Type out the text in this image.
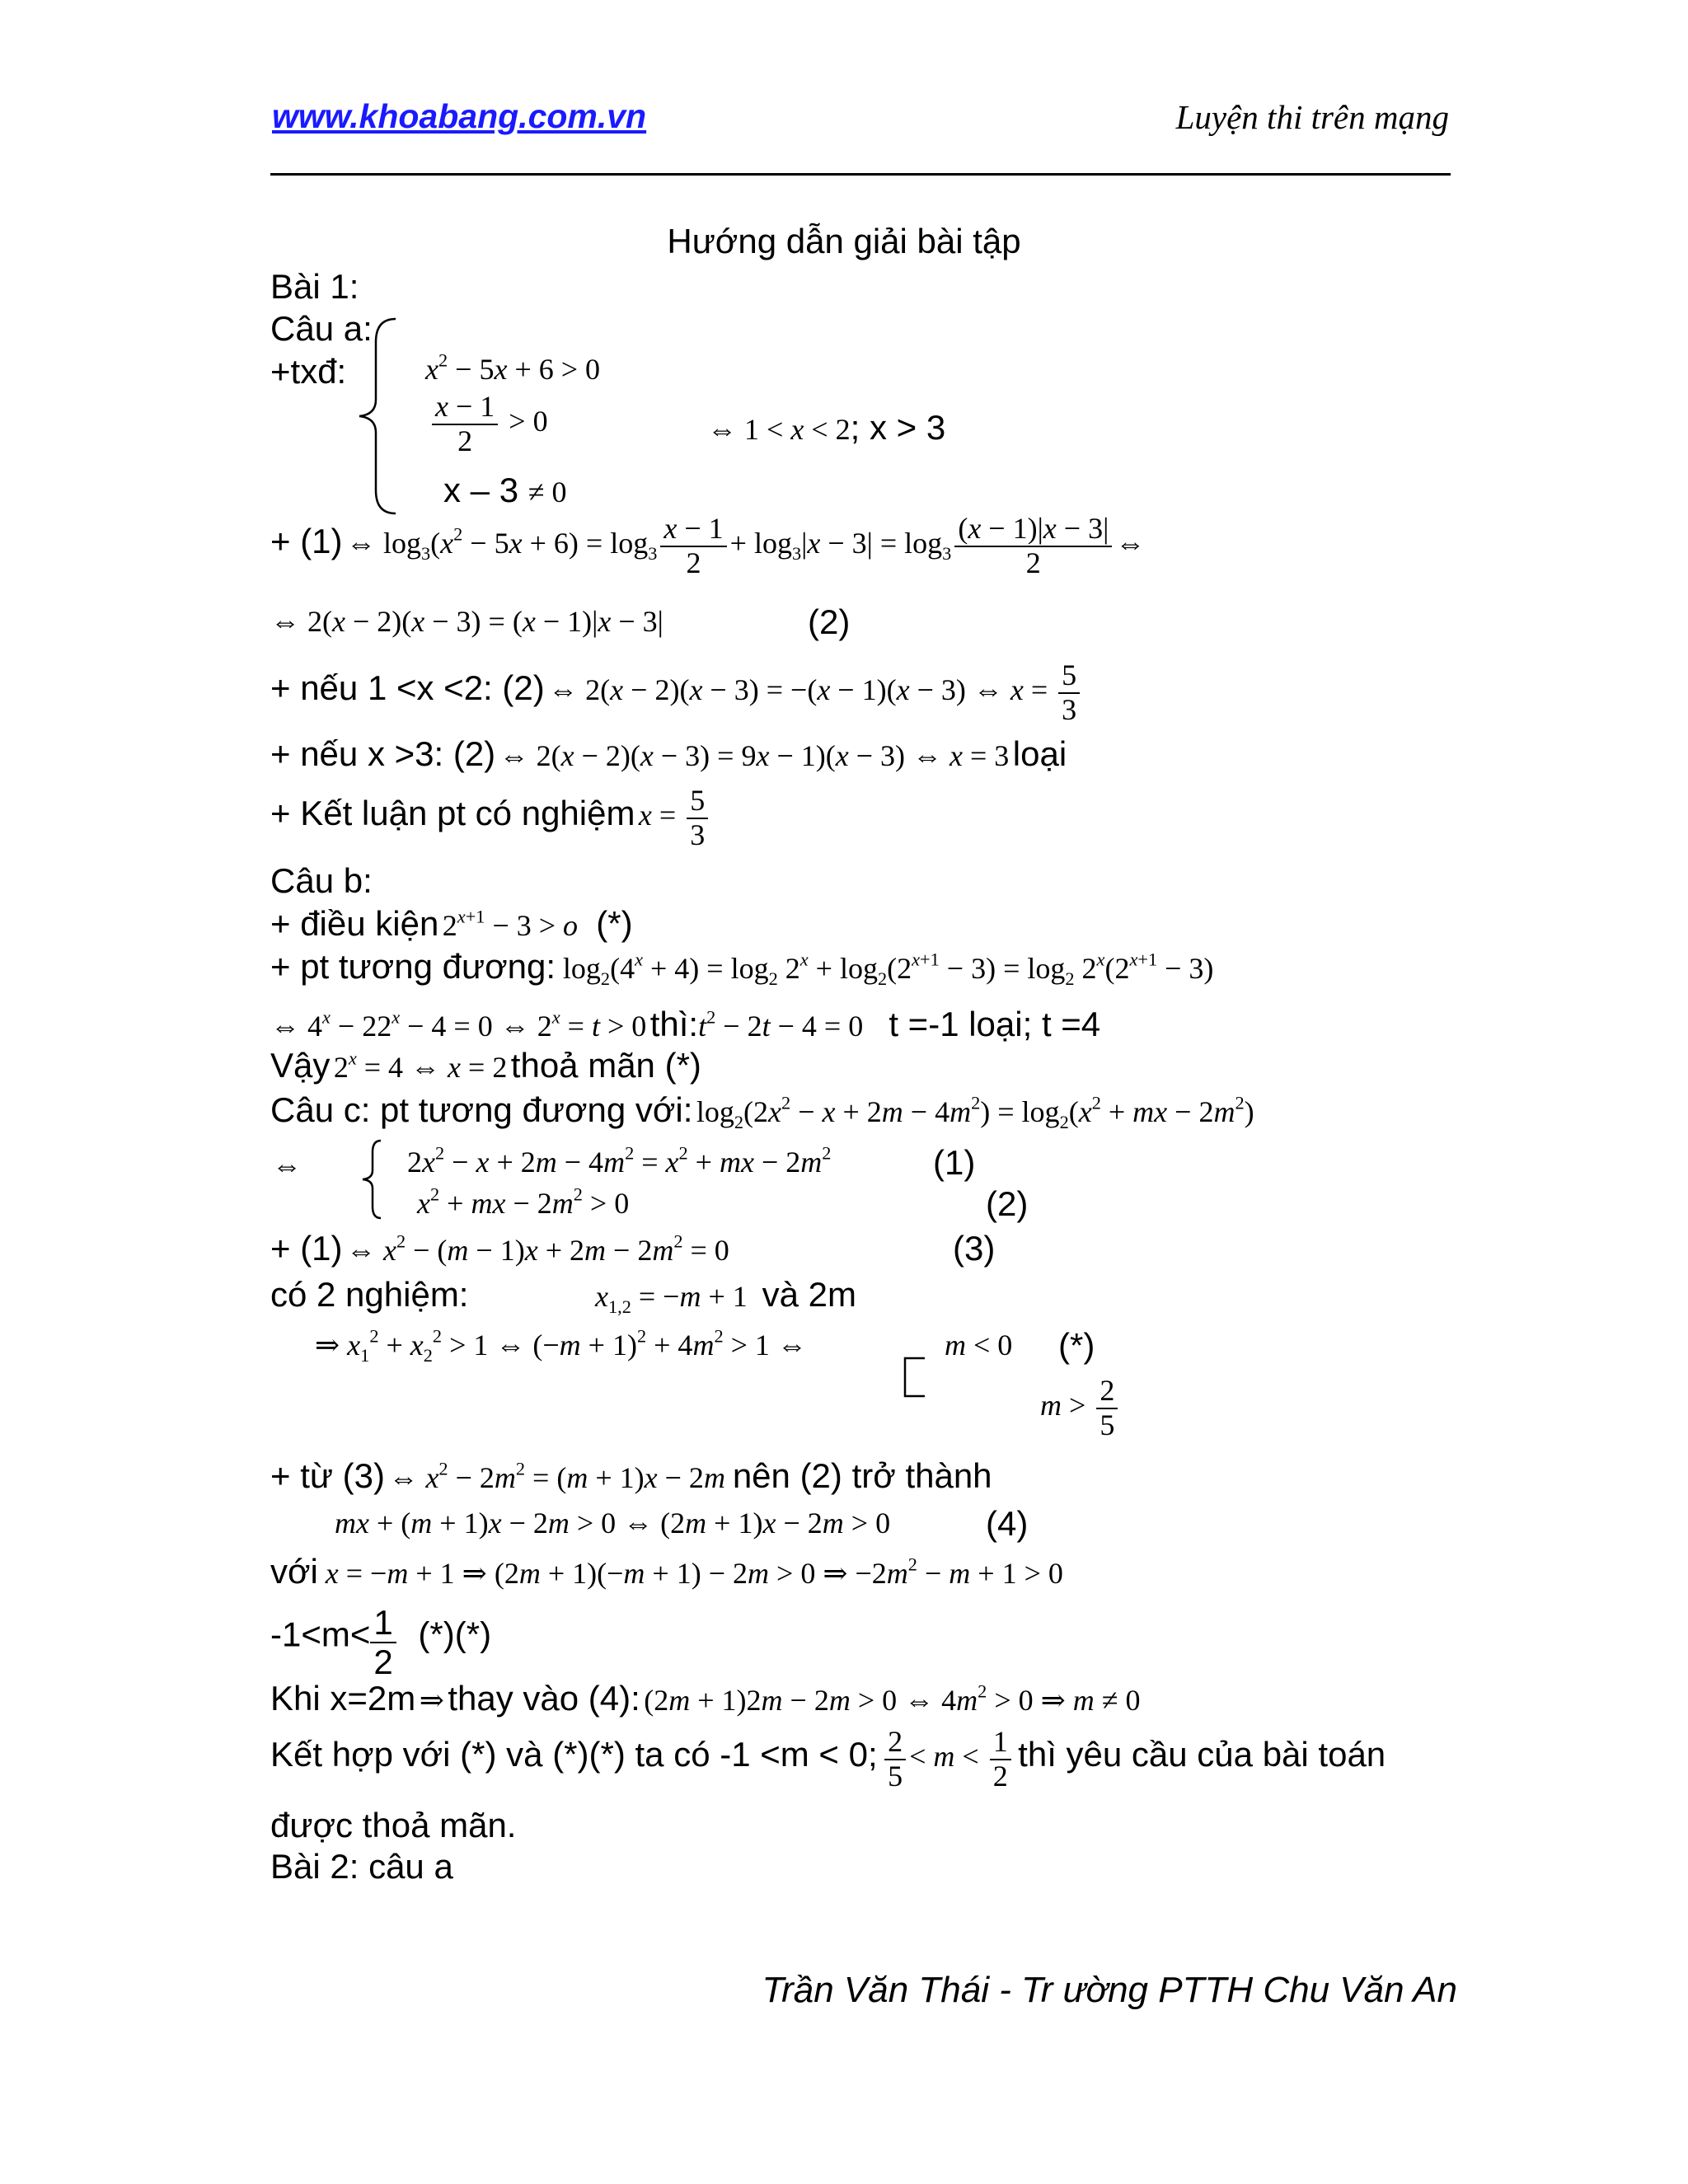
www.khoabang.com.vn	Luyện thi trên mạng
Hướng dẫn giải bài tập
Bài 1:
Câu a:
+txđ:	$x^2 - 5x + 6 > 0$
$\frac{x - 1}{2} > 0$
x – 3 ≠ 0
⇔ 1 < x < 2; x > 3
+ (1) ⇔ $\log_3(x^2 - 5x + 6) = \log_3 \frac{x - 1}{2} + \log_3|x - 3| = \log_3 \frac{(x - 1)|x - 3|}{2}$ ⇔
⇔ 2(x − 2)(x − 3) = (x − 1)|x − 3|	(2)
+ nếu 1 <x <2: (2) ⇔ 2(x − 2)(x − 3) = −(x − 1)(x − 3) ⇔ $x = \frac{5}{3}$
+ nếu x >3: (2) ⇔ 2(x − 2)(x − 3) = 9x − 1)(x − 3) ⇔ x = 3 loại
+ Kết luận pt có nghiệm $x = \frac{5}{3}$
Câu b:
+ điều kiện $2^{x+1} - 3 > o$ (*)
+ pt tương đương: $\log_2(4^x + 4) = \log_2 2^x + \log_2(2^{x+1} - 3) = \log_2 2^x(2^{x+1} - 3)$
⇔ $4^x - 22^x - 4 = 0$ ⇔ $2^x = t > 0$ $thì:t^2 - 2t - 4 = 0$ t =-1 loại; t =4
Vậy $2^x = 4$ ⇔ x = 2 thoả mãn (*)
Câu c: pt tương đương với: $\log_2(2x^2 - x + 2m - 4m^2) = \log_2(x^2$ + mx − $2m^2$)
⇔	$2x^2 - x + 2m - 4m^2 = x^2$ + mx − $2m^2$	(1)
$x^2$ + mx − $2m^2 > 0$	(2)
+ (1) ⇔ $x^2 - (m - 1)x + 2m - 2m^2 = 0$	(3)
có 2 nghiệm:	$x_{1,2} = -m + 1$ và 2m
⇒ $x_1^2 + x_2^2 > 1$ ⇔ $(-m + 1)^2 + 4m^2 > 1$ ⇔	m < 0 (*)
$m > \frac{2}{5}$
+ từ (3) ⇔ $x^2 - 2m^2 = (m + 1)x - 2m$ nên (2) trở thành
mx + (m + 1)x − 2m > 0 ⇔ (2m + 1)x − 2m > 0	(4)
với x = −m + 1 ⇒ (2m + 1)(−m + 1) − 2m > 0 ⇒ $-2m^2 - m + 1 > 0$
$-1<m< \frac{1}{2}$ (*)(*)
Khi x=2m ⇒ thay vào (4): (2m + 1)2m − 2m > 0 ⇔ $4m^2 > 0$ ⇒ m ≠ 0
Kết hợp với (*) và (*)(*) ta có -1 <m < 0; $\frac{2}{5} < m < \frac{1}{2}$ thì yêu cầu của bài toán
được thoả mãn.
Bài 2: câu a
Trần Văn Thái - Tr ường PTTH Chu Văn An
